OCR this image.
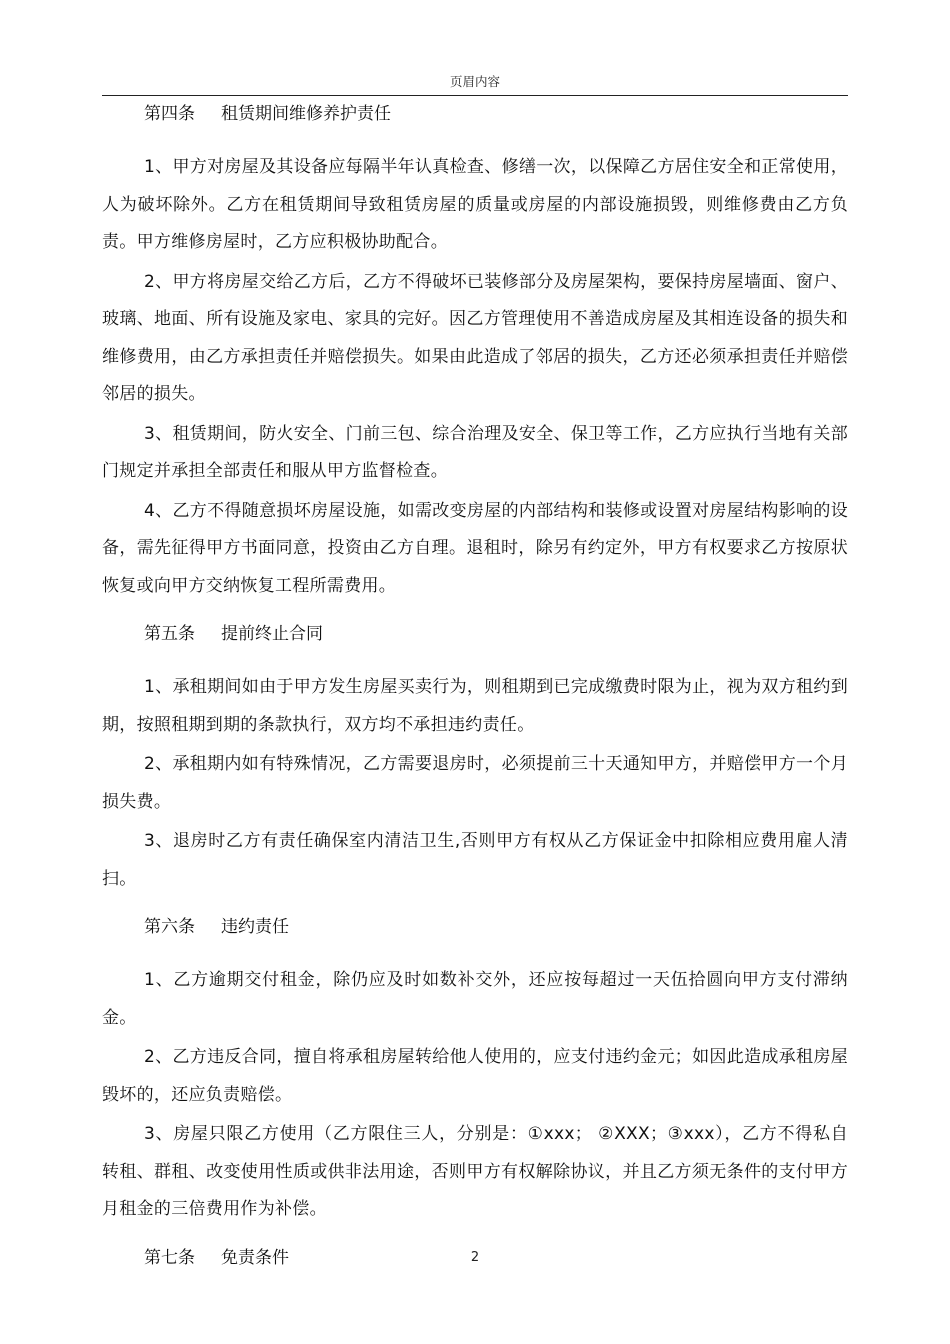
页眉内容
第四条 租赁期间维修养护责任

1、甲方对房屋及其设备应每隔半年认真检查、修缮一次，以保障乙方居住安全和正常使用，人为破坏除外。乙方在租赁期间导致租赁房屋的质量或房屋的内部设施损毁，则维修费由乙方负责。甲方维修房屋时，乙方应积极协助配合。

2、甲方将房屋交给乙方后，乙方不得破坏已装修部分及房屋架构，要保持房屋墙面、窗户、玻璃、地面、所有设施及家电、家具的完好。因乙方管理使用不善造成房屋及其相连设备的损失和维修费用，由乙方承担责任并赔偿损失。如果由此造成了邻居的损失，乙方还必须承担责任并赔偿邻居的损失。

3、租赁期间，防火安全、门前三包、综合治理及安全、保卫等工作，乙方应执行当地有关部门规定并承担全部责任和服从甲方监督检查。

4、乙方不得随意损坏房屋设施，如需改变房屋的内部结构和装修或设置对房屋结构影响的设备，需先征得甲方书面同意，投资由乙方自理。退租时，除另有约定外，甲方有权要求乙方按原状恢复或向甲方交纳恢复工程所需费用。

第五条 提前终止合同

1、承租期间如由于甲方发生房屋买卖行为，则租期到已完成缴费时限为止，视为双方租约到期，按照租期到期的条款执行，双方均不承担违约责任。

2、承租期内如有特殊情况，乙方需要退房时，必须提前三十天通知甲方，并赔偿甲方一个月损失费。

3、退房时乙方有责任确保室内清洁卫生,否则甲方有权从乙方保证金中扣除相应费用雇人清扫。

第六条 违约责任

1、乙方逾期交付租金，除仍应及时如数补交外，还应按每超过一天伍拾圆向甲方支付滞纳金。

2、乙方违反合同，擅自将承租房屋转给他人使用的，应支付违约金元；如因此造成承租房屋毁坏的，还应负责赔偿。

3、房屋只限乙方使用（乙方限住三人，分别是：①xxx； ②XXX；③xxx），乙方不得私自转租、群租、改变使用性质或供非法用途，否则甲方有权解除协议，并且乙方须无条件的支付甲方月租金的三倍费用作为补偿。

第七条 免责条件	2
